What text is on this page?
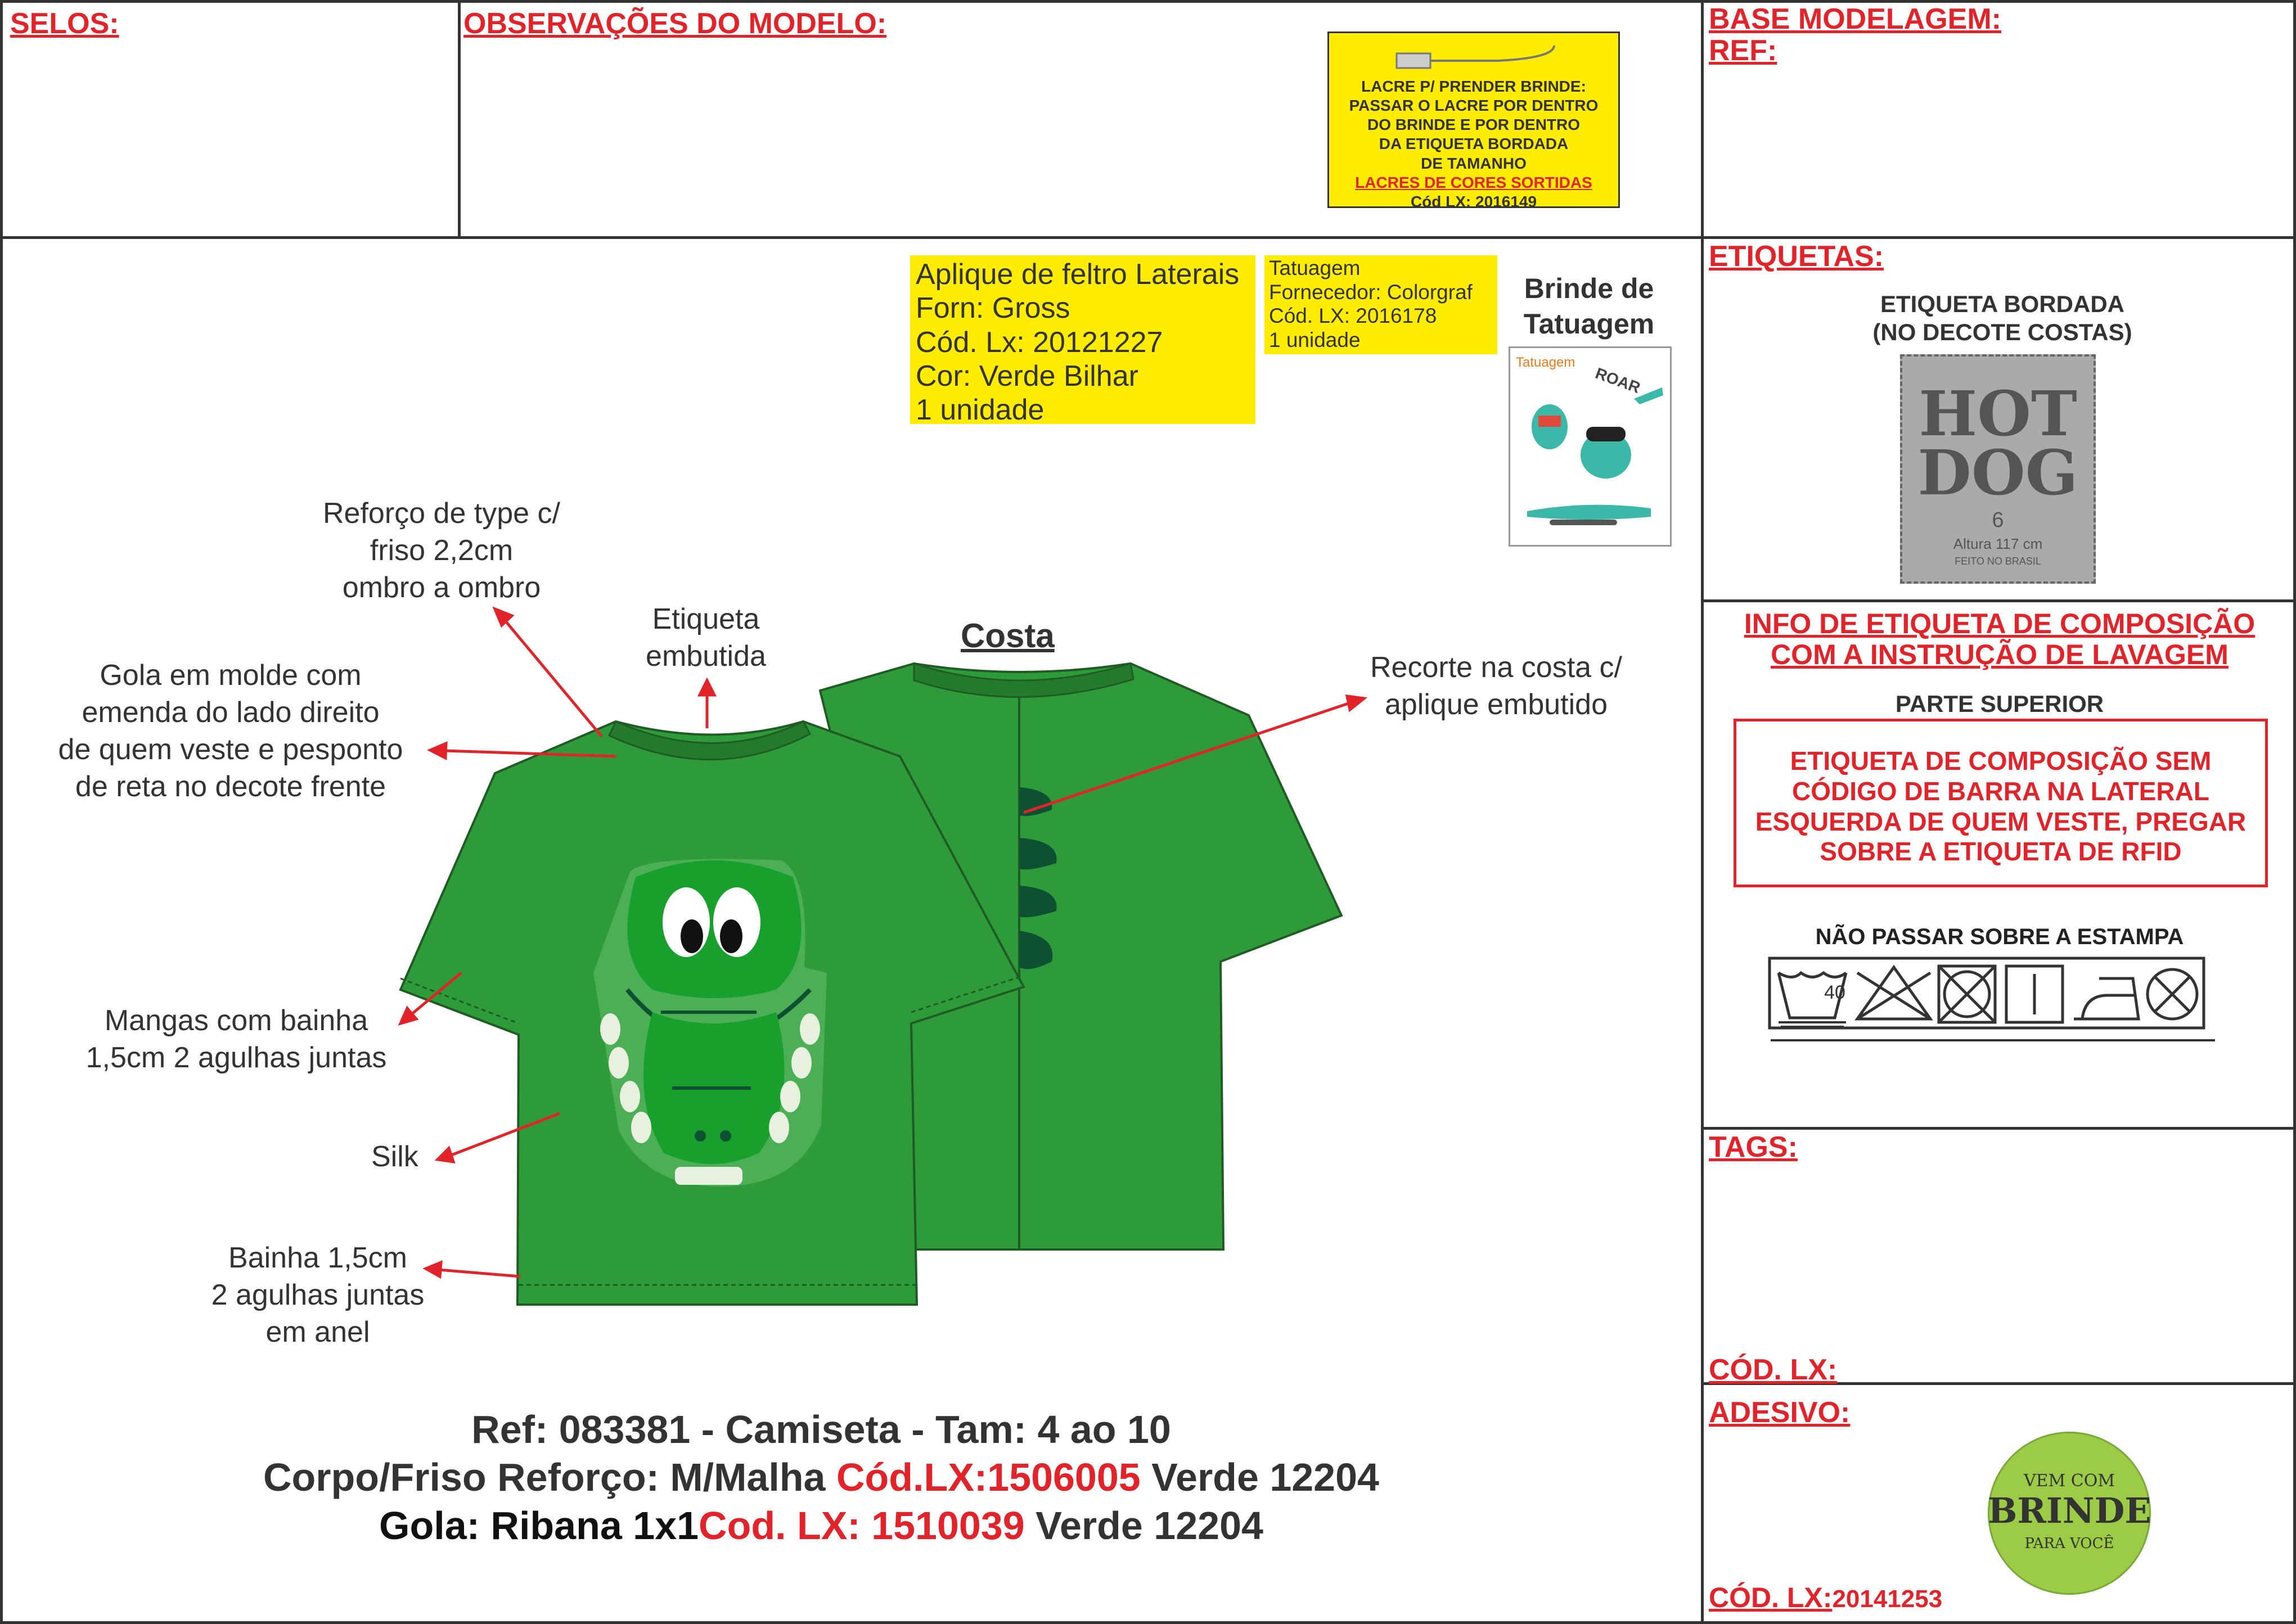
SELOS:	OBSERVAÇÕES DO MODELO:	BASE MODELAGEM:
REF:
LACRE P/ PRENDER BRINDE:
PASSAR O LACRE POR DENTRO
DO BRINDE E POR DENTRO
DA ETIQUETA BORDADA
DE TAMANHO
LACRES DE CORES SORTIDAS
Cód LX: 2016149
ETIQUETAS:
ETIQUETA BORDADA
(NO DECOTE COSTAS)
HOT
DOG
6
Altura 117 cm
FEITO NO BRASIL
INFO DE ETIQUETA DE COMPOSIÇÃO
COM A INSTRUÇÃO DE LAVAGEM
PARTE SUPERIOR
ETIQUETA DE COMPOSIÇÃO SEM
CÓDIGO DE BARRA NA LATERAL
ESQUERDA DE QUEM VESTE, PREGAR
SOBRE A ETIQUETA DE RFID
NÃO PASSAR SOBRE A ESTAMPA
40
TAGS:
CÓD. LX:
ADESIVO:
CÓD. LX:20141253
VEM COM
BRINDE
PARA VOCÊ
Aplique de feltro Laterais
Forn: Gross
Cód. Lx: 20121227
Cor: Verde Bilhar
1 unidade
Tatuagem
Fornecedor: Colorgraf
Cód. LX: 2016178
1 unidade
Brinde de
Tatuagem
Tatuagem
ROAR
Reforço de type c/
friso 2,2cm
ombro a ombro
Etiqueta
embutida
Costa
Recorte na costa c/
aplique embutido
Gola em molde com
emenda do lado direito
de quem veste e pesponto
de reta no decote frente
Mangas com bainha
1,5cm 2 agulhas juntas
Silk
Bainha 1,5cm
2 agulhas juntas
em anel
Ref: 083381 - Camiseta - Tam: 4 ao 10
Corpo/Friso Reforço: M/Malha Cód.LX:1506005 Verde 12204
Gola: Ribana 1x1Cod. LX: 1510039 Verde 12204
